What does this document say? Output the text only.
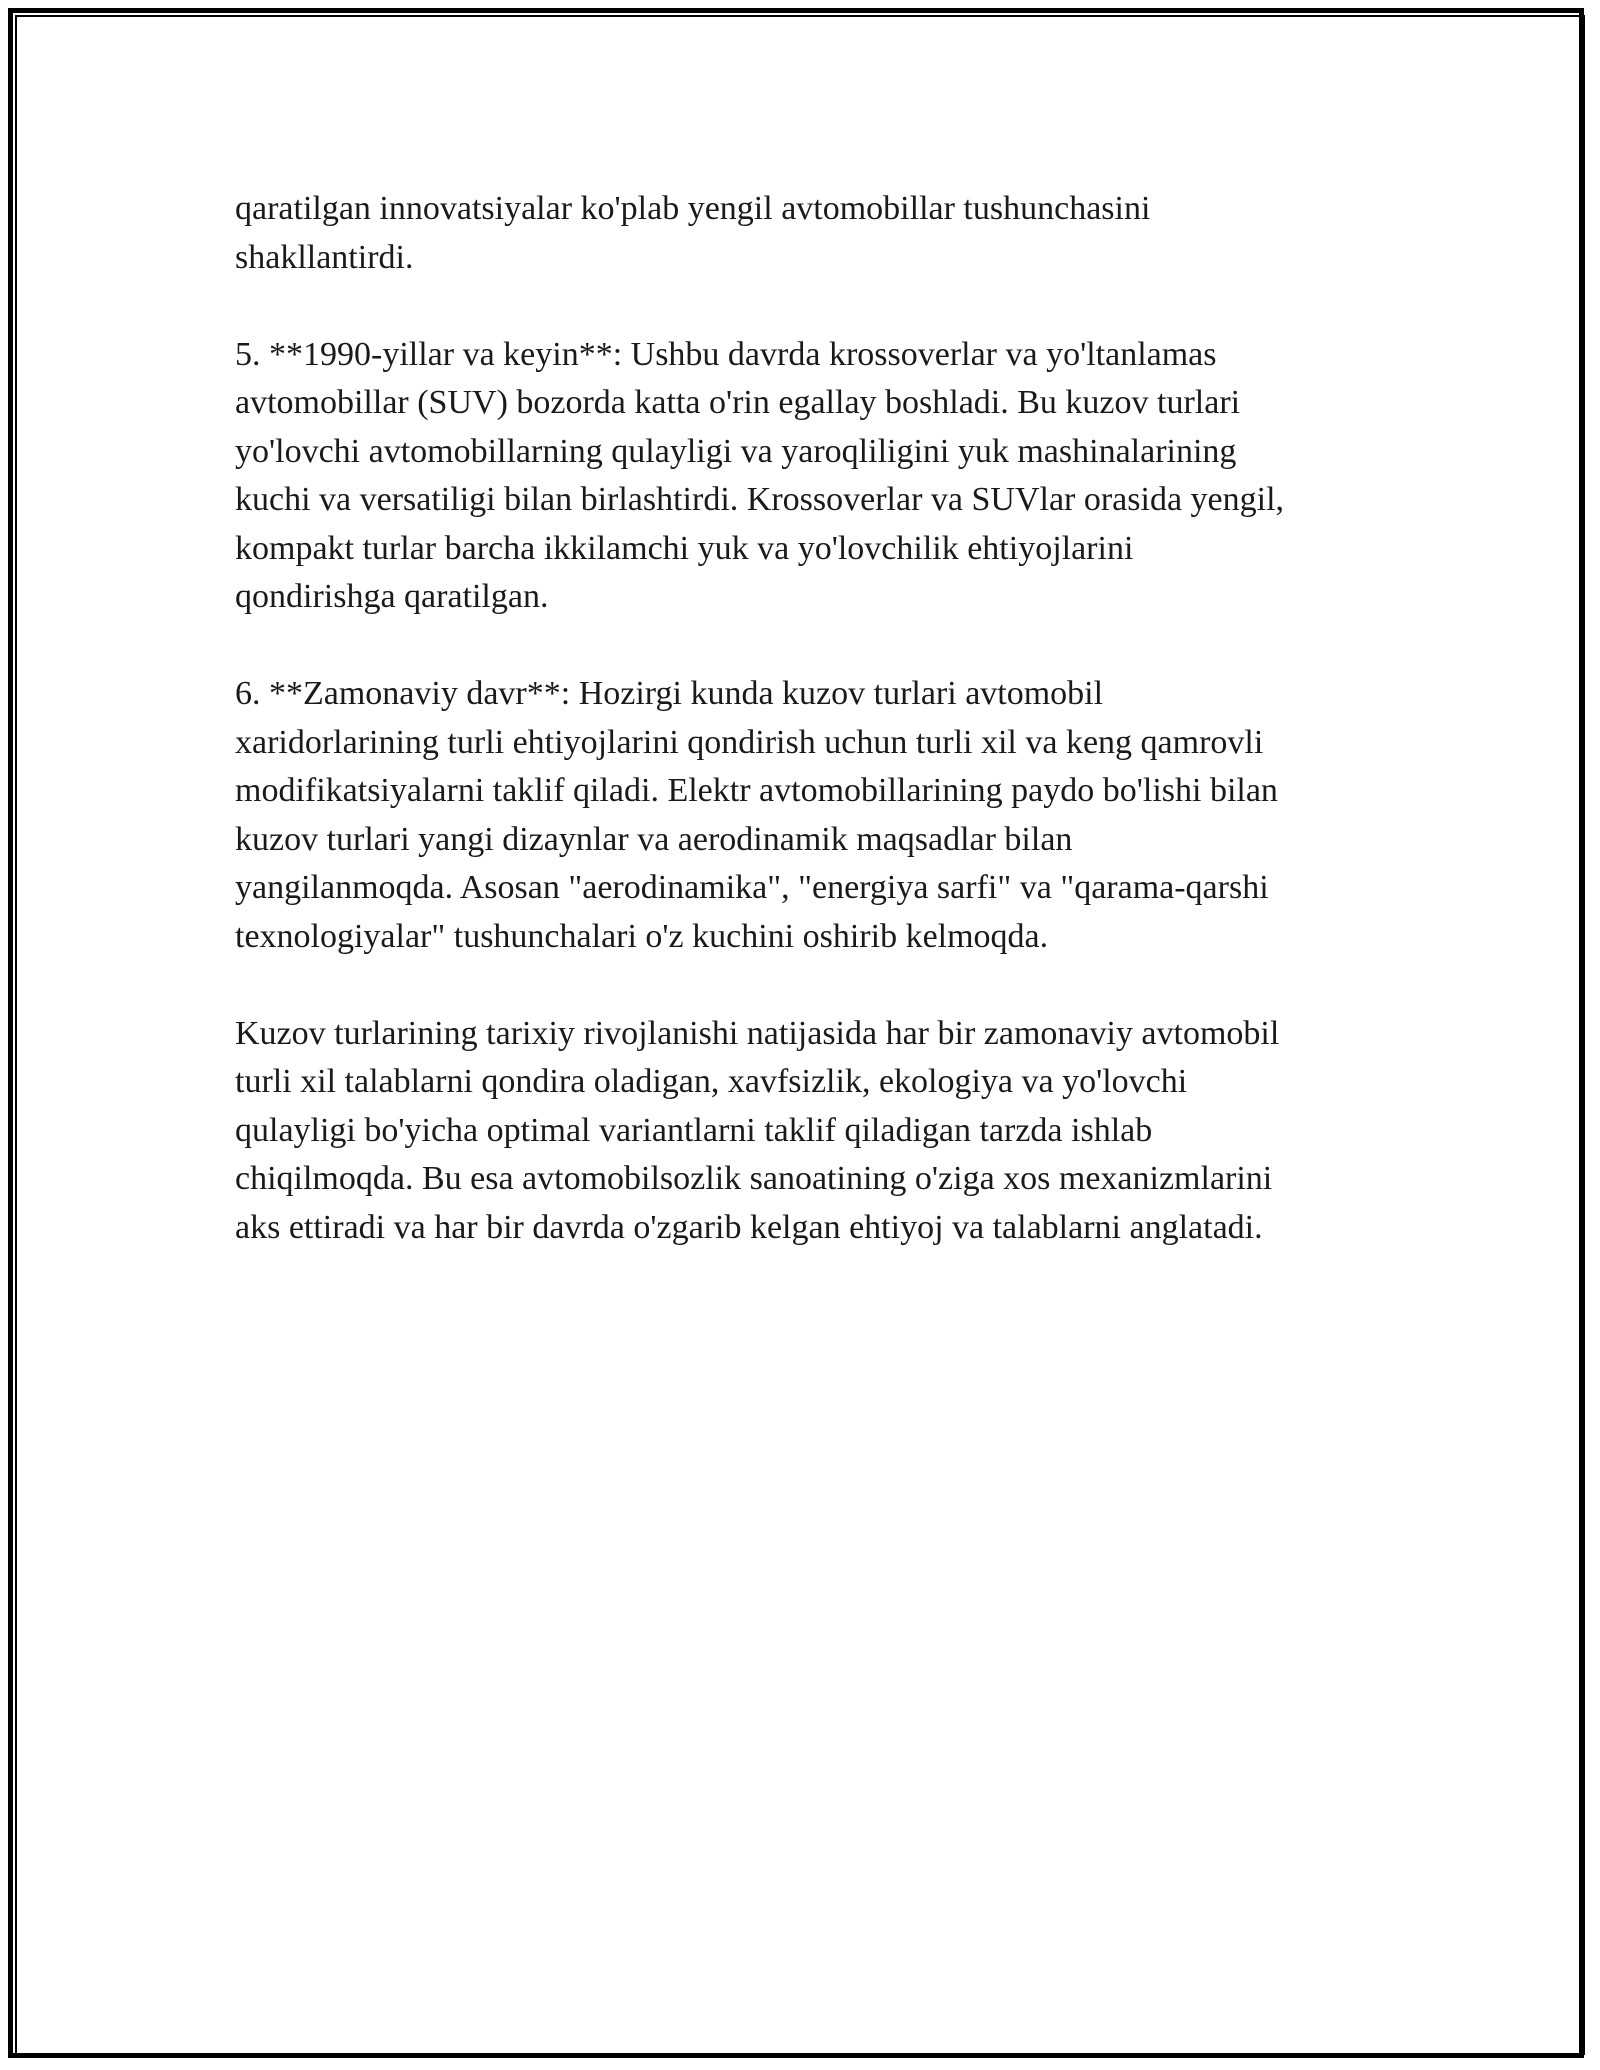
qaratilgan innovatsiyalar ko'plab yengil avtomobillar tushunchasini
shakllantirdi.

5. **1990-yillar va keyin**: Ushbu davrda krossoverlar va yo'ltanlamas
avtomobillar (SUV) bozorda katta o'rin egallay boshladi. Bu kuzov turlari
yo'lovchi avtomobillarning qulayligi va yaroqliligini yuk mashinalarining
kuchi va versatiligi bilan birlashtirdi. Krossoverlar va SUVlar orasida yengil,
kompakt turlar barcha ikkilamchi yuk va yo'lovchilik ehtiyojlarini
qondirishga qaratilgan.

6. **Zamonaviy davr**: Hozirgi kunda kuzov turlari avtomobil
xaridorlarining turli ehtiyojlarini qondirish uchun turli xil va keng qamrovli
modifikatsiyalarni taklif qiladi. Elektr avtomobillarining paydo bo'lishi bilan
kuzov turlari yangi dizaynlar va aerodinamik maqsadlar bilan
yangilanmoqda. Asosan "aerodinamika", "energiya sarfi" va "qarama-qarshi
texnologiyalar" tushunchalari o'z kuchini oshirib kelmoqda.

Kuzov turlarining tarixiy rivojlanishi natijasida har bir zamonaviy avtomobil
turli xil talablarni qondira oladigan, xavfsizlik, ekologiya va yo'lovchi
qulayligi bo'yicha optimal variantlarni taklif qiladigan tarzda ishlab
chiqilmoqda. Bu esa avtomobilsozlik sanoatining o'ziga xos mexanizmlarini
aks ettiradi va har bir davrda o'zgarib kelgan ehtiyoj va talablarni anglatadi.
